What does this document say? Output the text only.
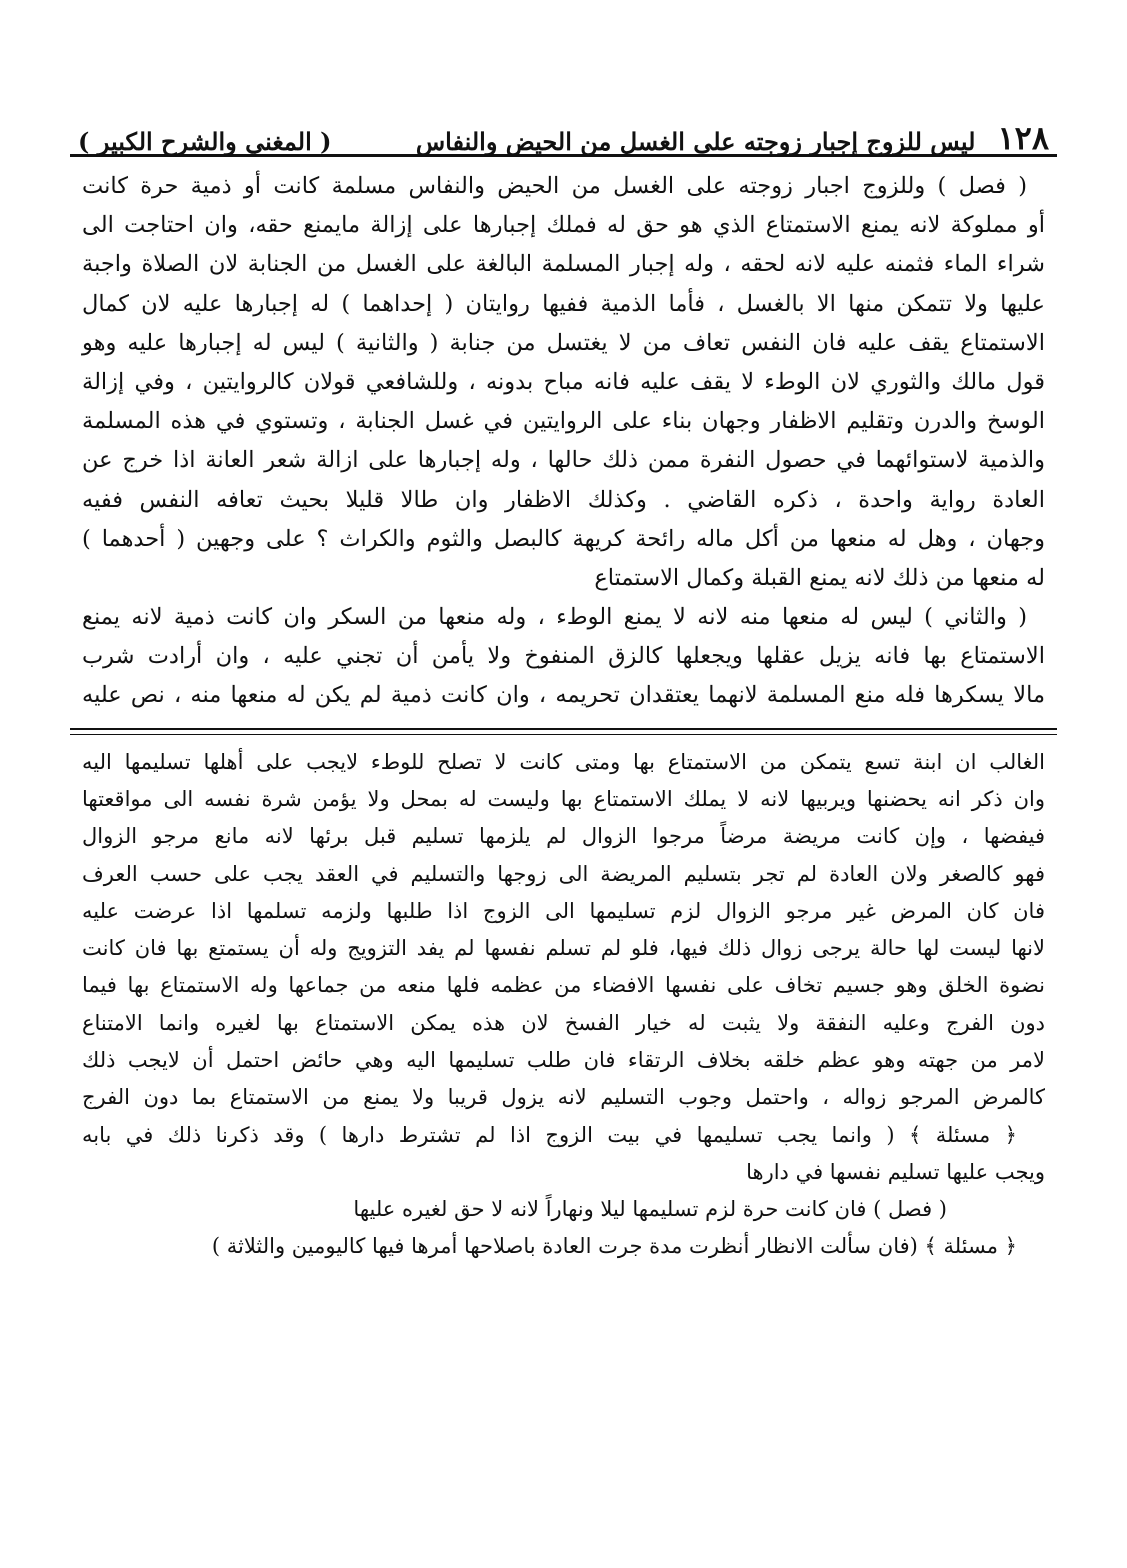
١٢٨
ليس للزوج إجبار زوجته على الغسل من الحيض والنفاس
( المغني والشرح الكبير )
( فصل ) وللزوج اجبار زوجته على الغسل من الحيض والنفاس مسلمة كانت أو ذمية حرة كانت
أو مملوكة لانه يمنع الاستمتاع الذي هو حق له فملك إجبارها على إزالة مايمنع حقه، وان احتاجت الى
شراء الماء فثمنه عليه لانه لحقه ، وله إجبار المسلمة البالغة على الغسل من الجنابة لان الصلاة واجبة
عليها ولا تتمكن منها الا بالغسل ، فأما الذمية ففيها روايتان ( إحداهما ) له إجبارها عليه لان كمال
الاستمتاع يقف عليه فان النفس تعاف من لا يغتسل من جنابة ( والثانية ) ليس له إجبارها عليه وهو
قول مالك والثوري لان الوطء لا يقف عليه فانه مباح بدونه ، وللشافعي قولان كالروايتين ، وفي إزالة
الوسخ والدرن وتقليم الاظفار وجهان بناء على الروايتين في غسل الجنابة ، وتستوي في هذه المسلمة
والذمية لاستوائهما في حصول النفرة ممن ذلك حالها ، وله إجبارها على ازالة شعر العانة اذا خرج عن
العادة رواية واحدة ، ذكره القاضي . وكذلك الاظفار وان طالا قليلا بحيث تعافه النفس ففيه
وجهان ، وهل له منعها من أكل ماله رائحة كريهة كالبصل والثوم والكراث ؟ على وجهين ( أحدهما )
له منعها من ذلك لانه يمنع القبلة وكمال الاستمتاع
( والثاني ) ليس له منعها منه لانه لا يمنع الوطء ، وله منعها من السكر وان كانت ذمية لانه يمنع
الاستمتاع بها فانه يزيل عقلها ويجعلها كالزق المنفوخ ولا يأمن أن تجني عليه ، وان أرادت شرب
مالا يسكرها فله منع المسلمة لانهما يعتقدان تحريمه ، وان كانت ذمية لم يكن له منعها منه ، نص عليه
الغالب ان ابنة تسع يتمكن من الاستمتاع بها ومتى كانت لا تصلح للوطء لايجب على أهلها تسليمها اليه
وان ذكر انه يحضنها ويربيها لانه لا يملك الاستمتاع بها وليست له بمحل ولا يؤمن شرة نفسه الى مواقعتها
فيفضها ، وإن كانت مريضة مرضاً مرجوا الزوال لم يلزمها تسليم قبل برئها لانه مانع مرجو الزوال
فهو كالصغر ولان العادة لم تجر بتسليم المريضة الى زوجها والتسليم في العقد يجب على حسب العرف
فان كان المرض غير مرجو الزوال لزم تسليمها الى الزوج اذا طلبها ولزمه تسلمها اذا عرضت عليه
لانها ليست لها حالة يرجى زوال ذلك فيها، فلو لم تسلم نفسها لم يفد التزويج وله أن يستمتع بها فان كانت
نضوة الخلق وهو جسيم تخاف على نفسها الافضاء من عظمه فلها منعه من جماعها وله الاستمتاع بها فيما
دون الفرج وعليه النفقة ولا يثبت له خيار الفسخ لان هذه يمكن الاستمتاع بها لغيره وانما الامتناع
لامر من جهته وهو عظم خلقه بخلاف الرتقاء فان طلب تسليمها اليه وهي حائض احتمل أن لايجب ذلك
كالمرض المرجو زواله ، واحتمل وجوب التسليم لانه يزول قريبا ولا يمنع من الاستمتاع بما دون الفرج
﴿ مسئلة ﴾ ( وانما يجب تسليمها في بيت الزوج اذا لم تشترط دارها ) وقد ذكرنا ذلك في بابه
ويجب عليها تسليم نفسها في دارها
( فصل ) فان كانت حرة لزم تسليمها ليلا ونهاراً لانه لا حق لغيره عليها
﴿ مسئلة ﴾ (فان سألت الانظار أنظرت مدة جرت العادة باصلاحها أمرها فيها كاليومين والثلاثة )
